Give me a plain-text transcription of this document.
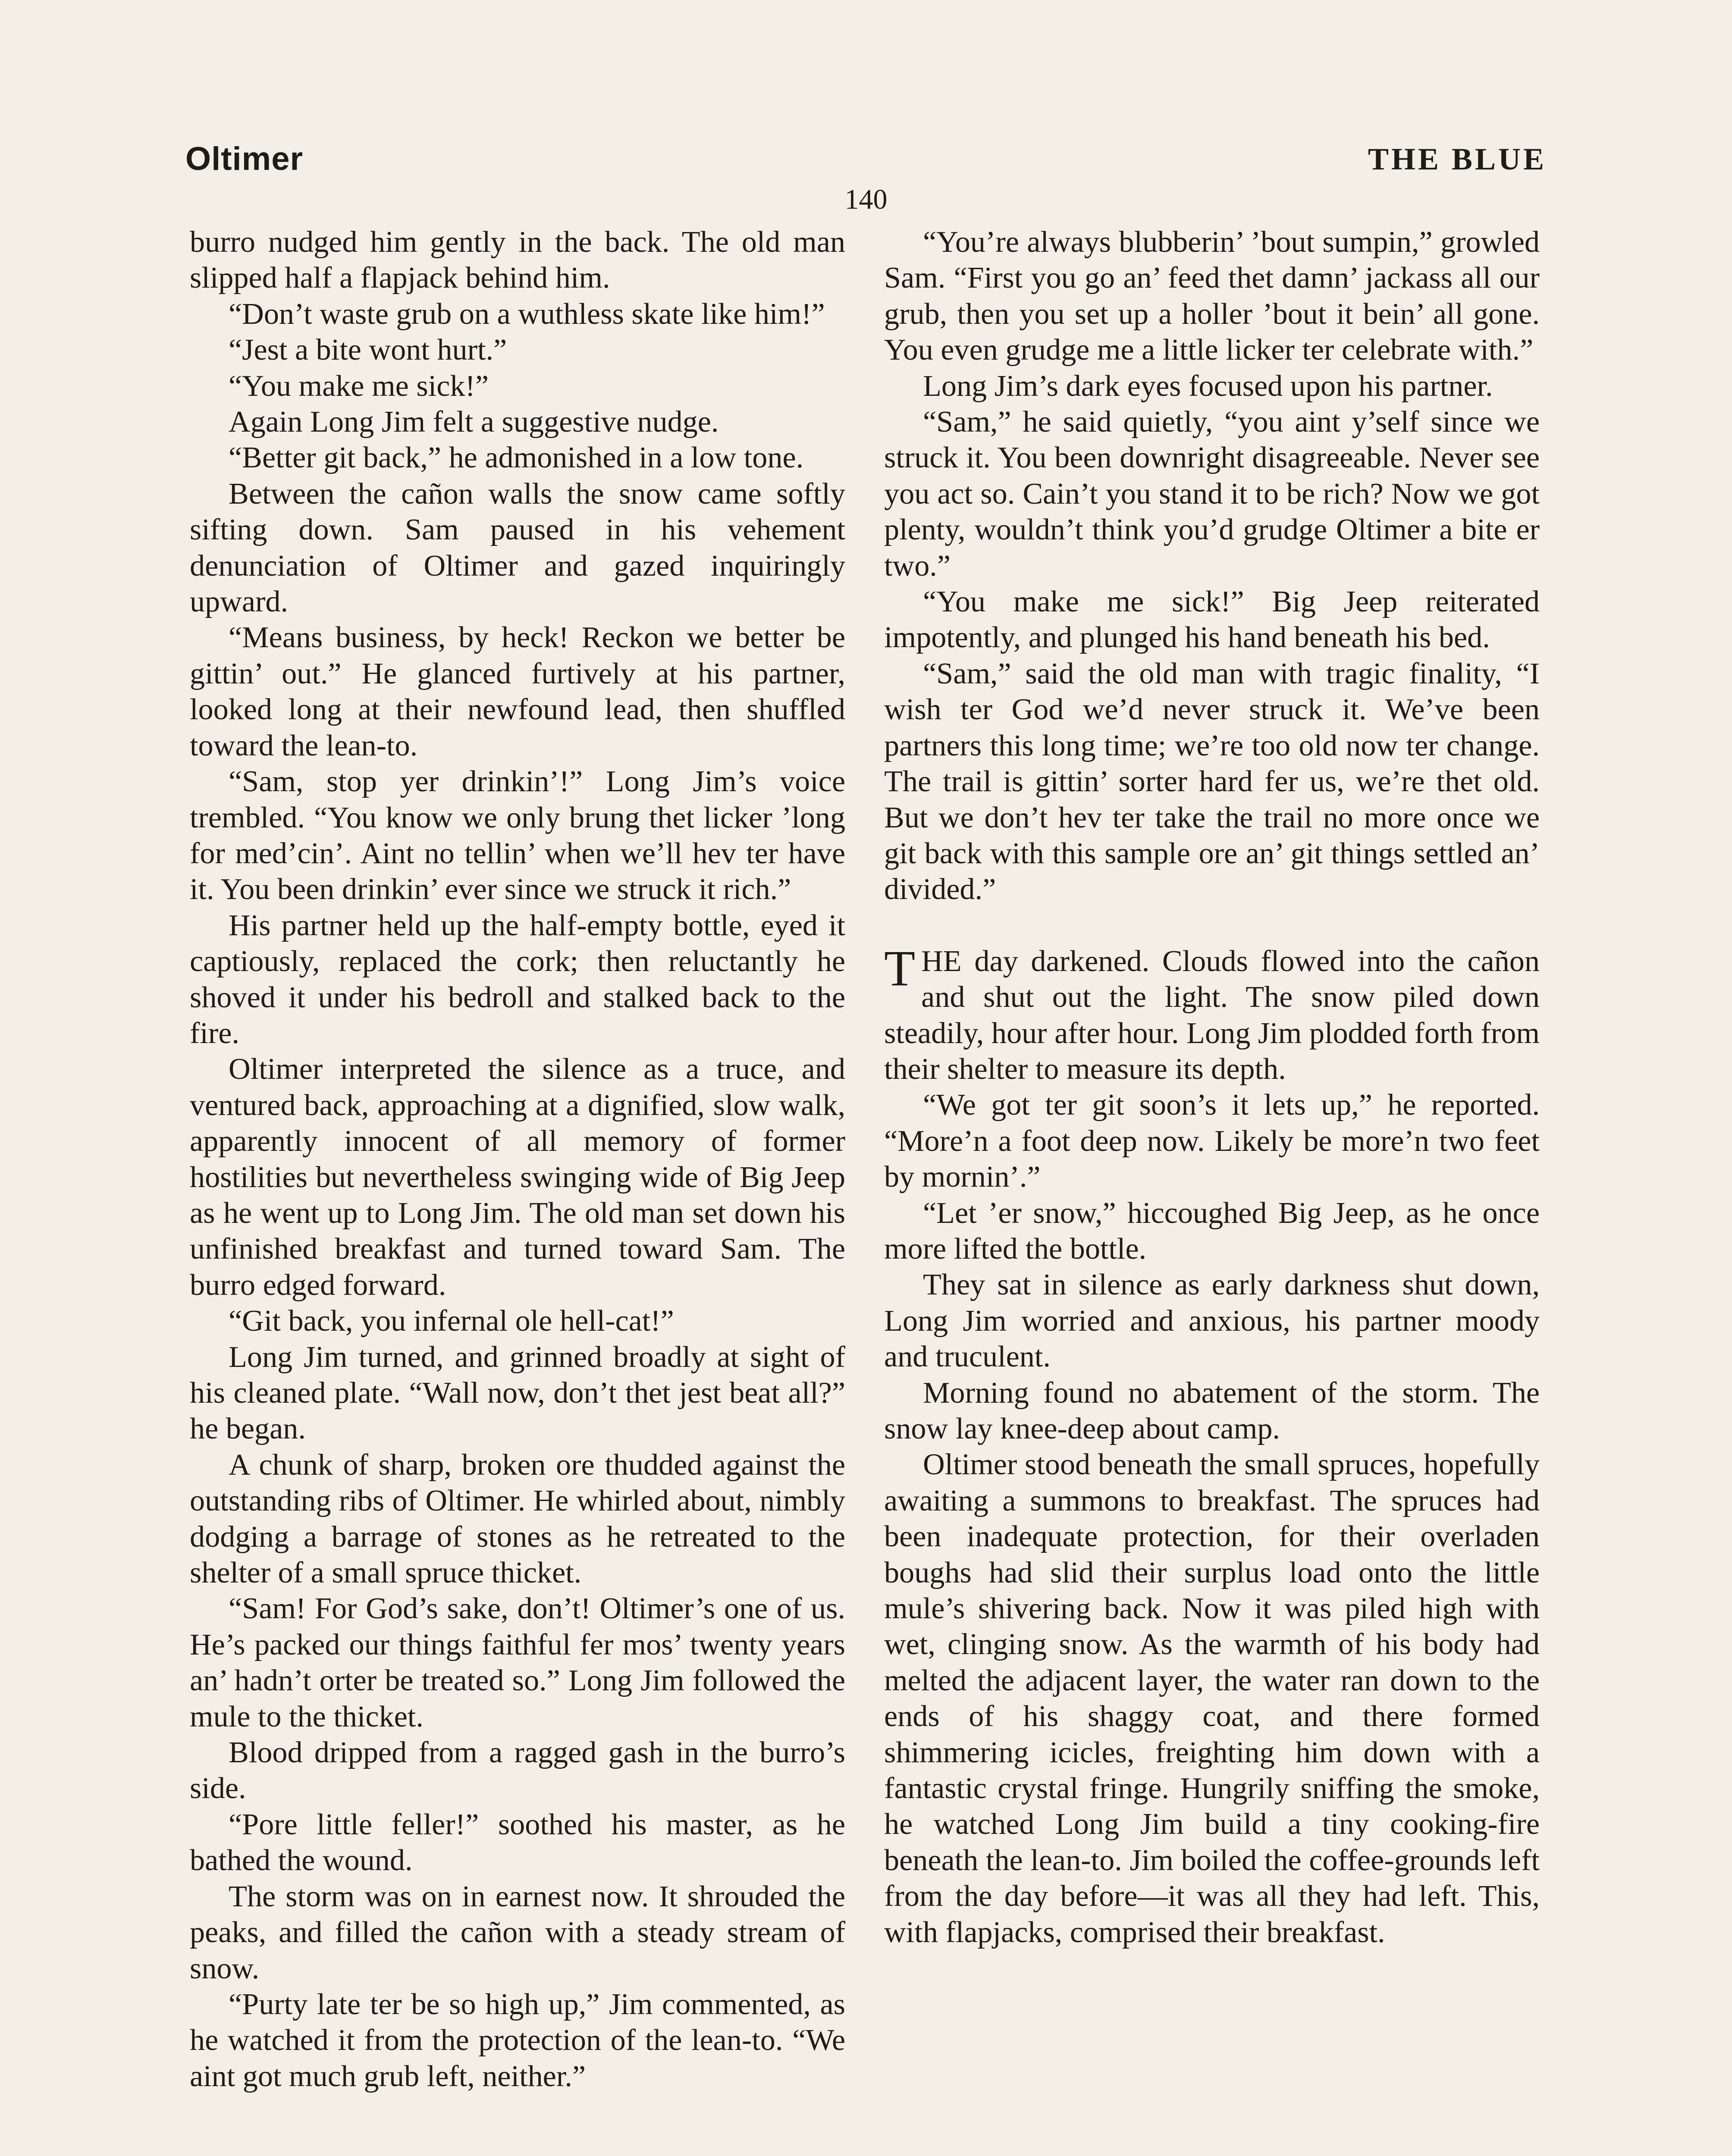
Oltimer	THE BLUE
140

burro nudged him gently in the back. The old man slipped half a flapjack behind him.

“Don’t waste grub on a wuthless skate like him!”

“Jest a bite wont hurt.”

“You make me sick!”

Again Long Jim felt a suggestive nudge.

“Better git back,” he admonished in a low tone.

Between the cañon walls the snow came softly sifting down. Sam paused in his vehement denunciation of Oltimer and gazed inquiringly upward.

“Means business, by heck! Reckon we better be gittin’ out.” He glanced furtively at his partner, looked long at their newfound lead, then shuffled toward the lean-to.

“Sam, stop yer drinkin’!” Long Jim’s voice trembled. “You know we only brung thet licker ’long for med’cin’. Aint no tellin’ when we’ll hev ter have it. You been drinkin’ ever since we struck it rich.”

His partner held up the half-empty bottle, eyed it captiously, replaced the cork; then reluctantly he shoved it under his bedroll and stalked back to the fire.

Oltimer interpreted the silence as a truce, and ventured back, approaching at a dignified, slow walk, apparently innocent of all memory of former hostilities but nevertheless swinging wide of Big Jeep as he went up to Long Jim. The old man set down his unfinished breakfast and turned toward Sam. The burro edged forward.

“Git back, you infernal ole hell-cat!”

Long Jim turned, and grinned broadly at sight of his cleaned plate. “Wall now, don’t thet jest beat all?” he began.

A chunk of sharp, broken ore thudded against the outstanding ribs of Oltimer. He whirled about, nimbly dodging a barrage of stones as he retreated to the shelter of a small spruce thicket.

“Sam! For God’s sake, don’t! Oltimer’s one of us. He’s packed our things faithful fer mos’ twenty years an’ hadn’t orter be treated so.” Long Jim followed the mule to the thicket.

Blood dripped from a ragged gash in the burro’s side.

“Pore little feller!” soothed his master, as he bathed the wound.

The storm was on in earnest now. It shrouded the peaks, and filled the cañon with a steady stream of snow.

“Purty late ter be so high up,” Jim commented, as he watched it from the protection of the lean-to. “We aint got much grub left, neither.”

“You’re always blubberin’ ’bout sumpin,” growled Sam. “First you go an’ feed thet damn’ jackass all our grub, then you set up a holler ’bout it bein’ all gone. You even grudge me a little licker ter celebrate with.”

Long Jim’s dark eyes focused upon his partner.

“Sam,” he said quietly, “you aint y’self since we struck it. You been downright disagreeable. Never see you act so. Cain’t you stand it to be rich? Now we got plenty, wouldn’t think you’d grudge Oltimer a bite er two.”

“You make me sick!” Big Jeep reiterated impotently, and plunged his hand beneath his bed.

“Sam,” said the old man with tragic finality, “I wish ter God we’d never struck it. We’ve been partners this long time; we’re too old now ter change. The trail is gittin’ sorter hard fer us, we’re thet old. But we don’t hev ter take the trail no more once we git back with this sample ore an’ git things settled an’ divided.”

THE day darkened. Clouds flowed into the cañon and shut out the light. The snow piled down steadily, hour after hour. Long Jim plodded forth from their shelter to measure its depth.

“We got ter git soon’s it lets up,” he reported. “More’n a foot deep now. Likely be more’n two feet by mornin’.”

“Let ’er snow,” hiccoughed Big Jeep, as he once more lifted the bottle.

They sat in silence as early darkness shut down, Long Jim worried and anxious, his partner moody and truculent.

Morning found no abatement of the storm. The snow lay knee-deep about camp.

Oltimer stood beneath the small spruces, hopefully awaiting a summons to breakfast. The spruces had been inadequate protection, for their overladen boughs had slid their surplus load onto the little mule’s shivering back. Now it was piled high with wet, clinging snow. As the warmth of his body had melted the adjacent layer, the water ran down to the ends of his shaggy coat, and there formed shimmering icicles, freighting him down with a fantastic crystal fringe. Hungrily sniffing the smoke, he watched Long Jim build a tiny cooking-fire beneath the lean-to. Jim boiled the coffee-grounds left from the day before—it was all they had left. This, with flapjacks, comprised their breakfast.
